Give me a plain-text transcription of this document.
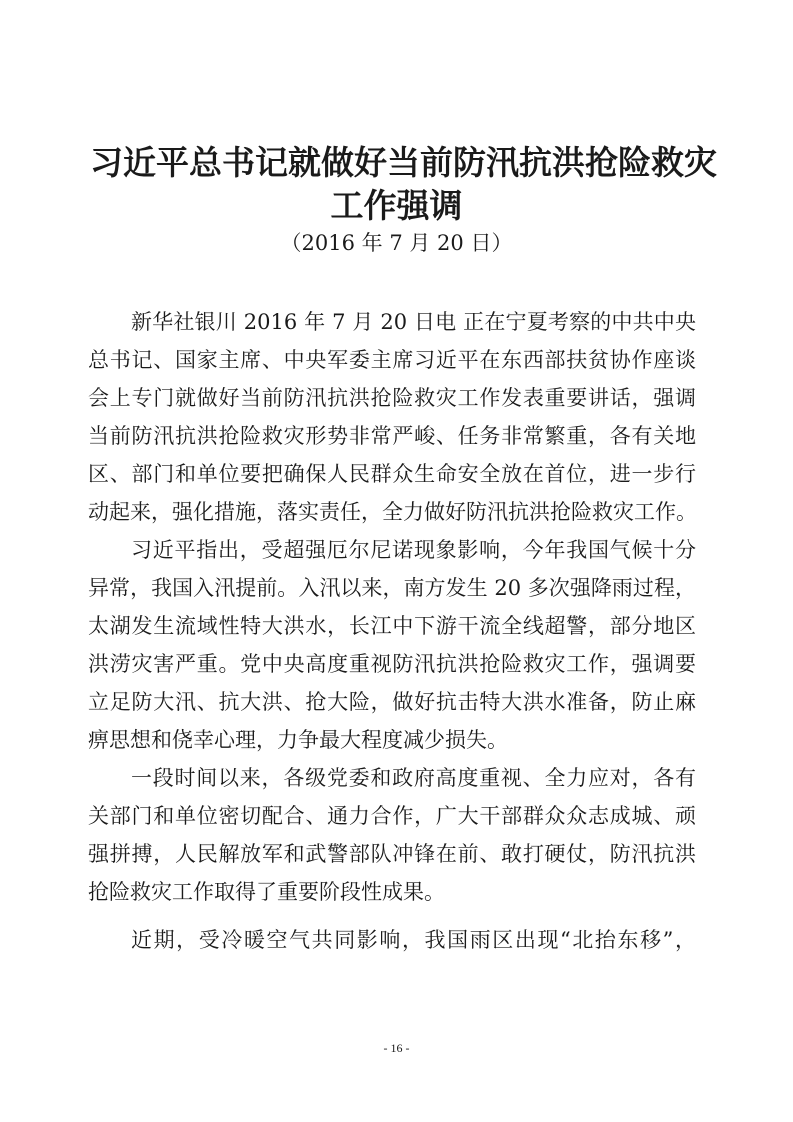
习近平总书记就做好当前防汛抗洪抢险救灾
工作强调
（2016 年 7 月 20 日）
新华社银川 2016 年 7 月 20 日电 正在宁夏考察的中共中央
总书记、国家主席、中央军委主席习近平在东西部扶贫协作座谈
会上专门就做好当前防汛抗洪抢险救灾工作发表重要讲话，强调
当前防汛抗洪抢险救灾形势非常严峻、任务非常繁重，各有关地
区、部门和单位要把确保人民群众生命安全放在首位，进一步行
动起来，强化措施，落实责任，全力做好防汛抗洪抢险救灾工作。
习近平指出，受超强厄尔尼诺现象影响，今年我国气候十分
异常，我国入汛提前。入汛以来，南方发生 20 多次强降雨过程，
太湖发生流域性特大洪水，长江中下游干流全线超警，部分地区
洪涝灾害严重。党中央高度重视防汛抗洪抢险救灾工作，强调要
立足防大汛、抗大洪、抢大险，做好抗击特大洪水准备，防止麻
痹思想和侥幸心理，力争最大程度减少损失。
一段时间以来，各级党委和政府高度重视、全力应对，各有
关部门和单位密切配合、通力合作，广大干部群众众志成城、顽
强拼搏，人民解放军和武警部队冲锋在前、敢打硬仗，防汛抗洪
抢险救灾工作取得了重要阶段性成果。
近期，受冷暖空气共同影响，我国雨区出现“北抬东移”，
- 16 -
